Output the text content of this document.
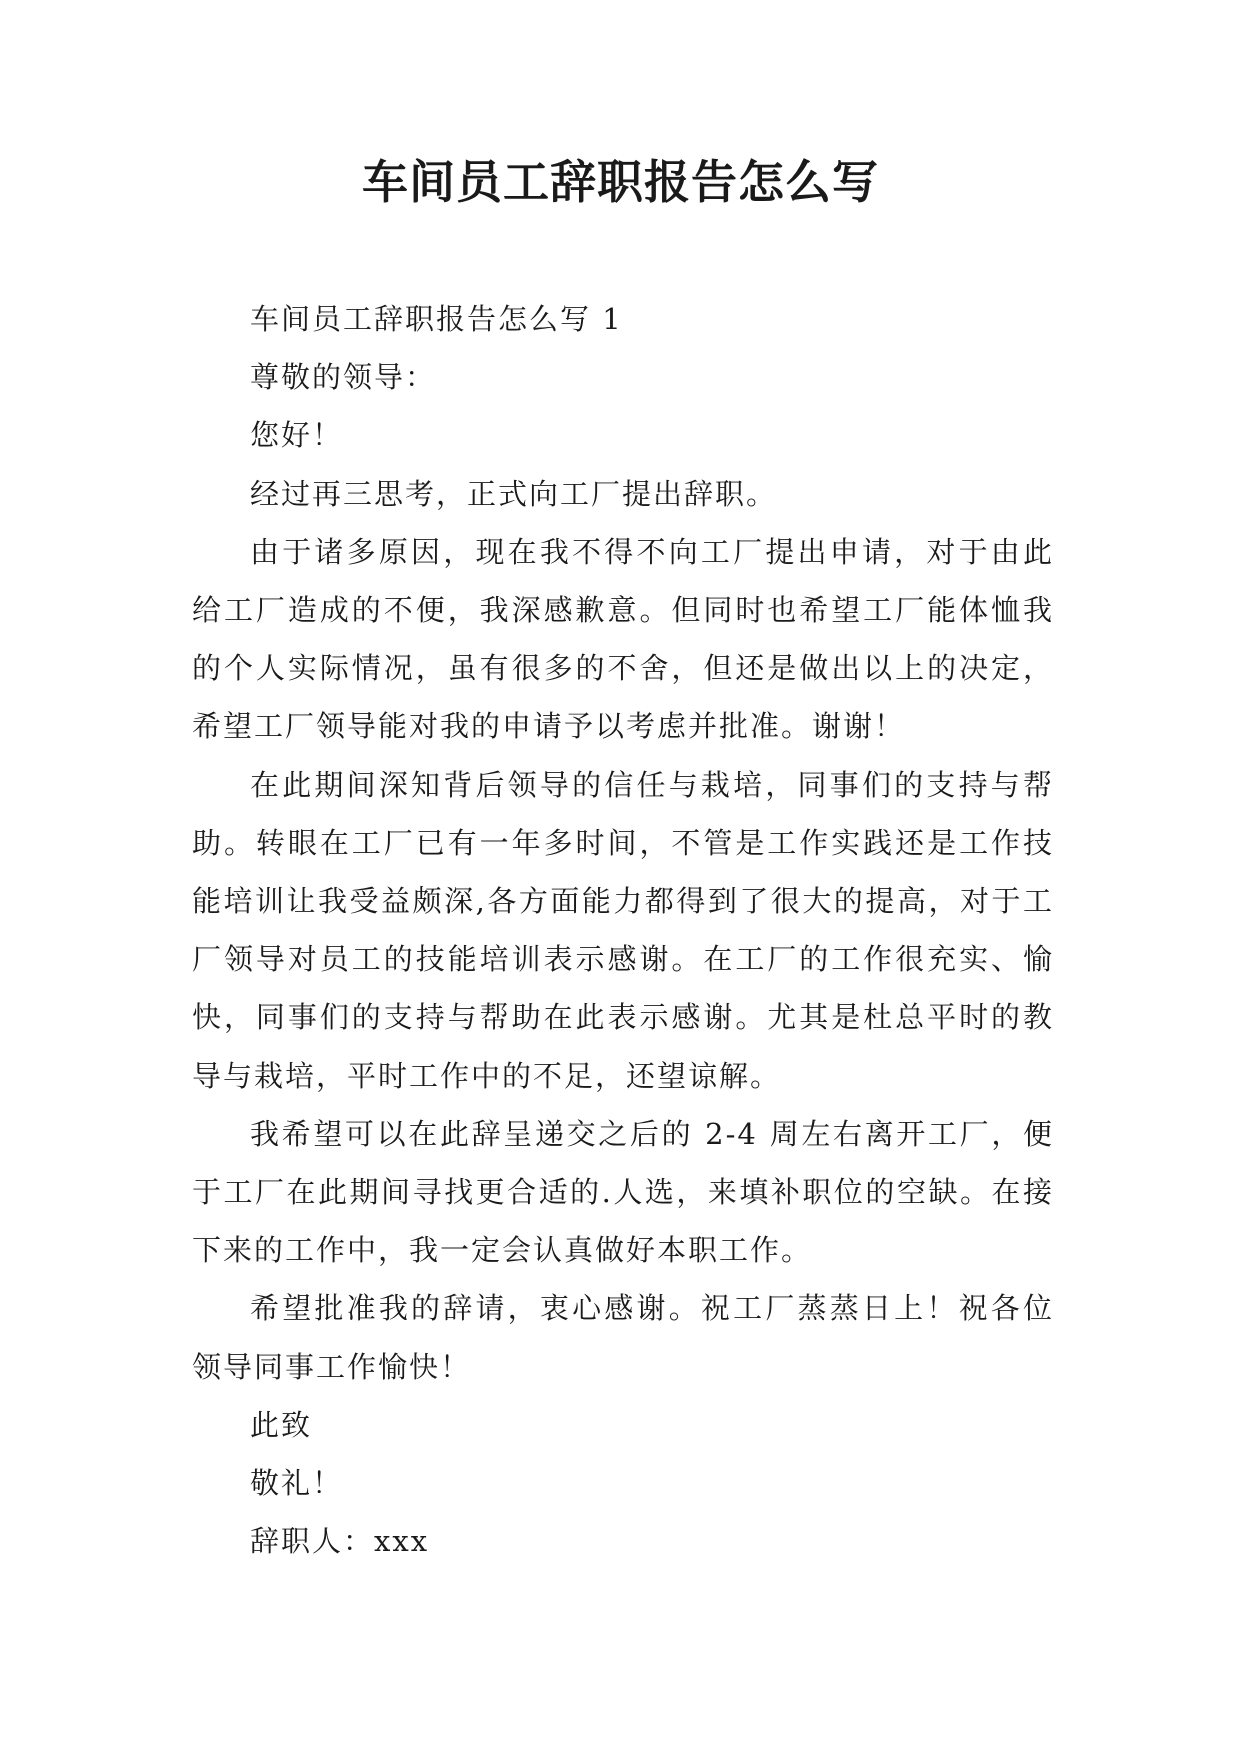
车间员工辞职报告怎么写

车间员工辞职报告怎么写 1

尊敬的领导：

您好！

经过再三思考，正式向工厂提出辞职。

由于诸多原因，现在我不得不向工厂提出申请，对于由此给工厂造成的不便，我深感歉意。但同时也希望工厂能体恤我的个人实际情况，虽有很多的不舍，但还是做出以上的决定，希望工厂领导能对我的申请予以考虑并批准。谢谢！

在此期间深知背后领导的信任与栽培，同事们的支持与帮助。转眼在工厂已有一年多时间，不管是工作实践还是工作技能培训让我受益颇深,各方面能力都得到了很大的提高，对于工厂领导对员工的技能培训表示感谢。在工厂的工作很充实、愉快，同事们的支持与帮助在此表示感谢。尤其是杜总平时的教导与栽培，平时工作中的不足，还望谅解。

我希望可以在此辞呈递交之后的 2-4 周左右离开工厂，便于工厂在此期间寻找更合适的.人选，来填补职位的空缺。在接下来的工作中，我一定会认真做好本职工作。

希望批准我的辞请，衷心感谢。祝工厂蒸蒸日上！祝各位领导同事工作愉快！

此致

敬礼！

辞职人：xxx
